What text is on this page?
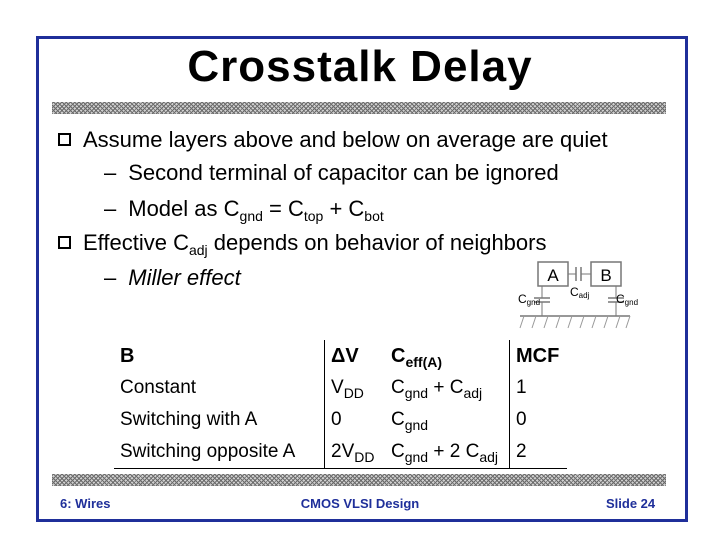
Crosstalk Delay
Assume layers above and below on average are quiet
– Second terminal of capacitor can be ignored
– Model as $C_{gnd} = C_{top} + C_{bot}$
Effective $C_{adj}$ depends on behavior of neighbors
– Miller effect	A B
Cgnd
Cadj Cgnd
B	ΔV	$C_{eff(A)}$	MCF
Constant	$V_{DD}$	$C_{gnd} + C_{adj}$	1
Switching with A	0	$C_{gnd}$	0
Switching opposite A	$2V_{DD}$	$C_{gnd} + 2$ $C_{adj}$	2
6: Wires	CMOS VLSI Design	Slide 24
